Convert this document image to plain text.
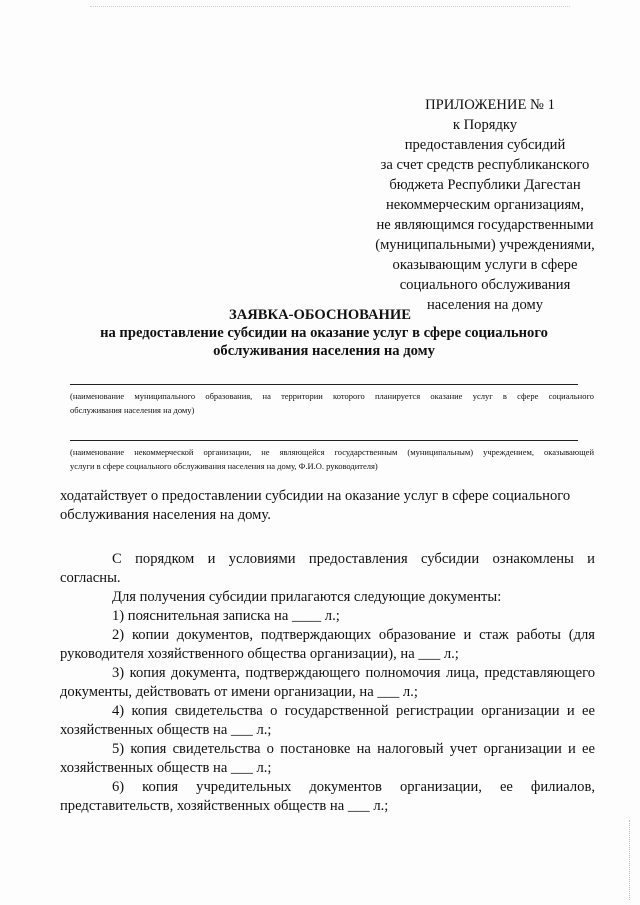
ПРИЛОЖЕНИЕ № 1
к Порядку
предоставления субсидий
за счет средств республиканского
бюджета Республики Дагестан
некоммерческим организациям,
не являющимся государственными
(муниципальными) учреждениями,
оказывающим услуги в сфере
социального обслуживания
населения на дому
ЗАЯВКА-ОБОСНОВАНИЕ
на предоставление субсидии на оказание услуг в сфере социального
обслуживания населения на дому
(наименование муниципального образования, на территории которого планируется оказание услуг в сфере социального
обслуживания населения на дому)
(наименование некоммерческой организации, не являющейся государственным (муниципальным) учреждением, оказывающей
услуги в сфере социального обслуживания населения на дому, Ф.И.О. руководителя)
ходатайствует о предоставлении субсидии на оказание услуг в сфере социального
обслуживания населения на дому.
С порядком и условиями предоставления субсидии ознакомлены и
согласны.
Для получения субсидии прилагаются следующие документы:
1) пояснительная записка на ____ л.;
2) копии документов, подтверждающих образование и стаж работы (для
руководителя хозяйственного общества организации), на ___ л.;
3) копия документа, подтверждающего полномочия лица, представляющего
документы, действовать от имени организации, на ___ л.;
4) копия свидетельства о государственной регистрации организации и ее
хозяйственных обществ на ___ л.;
5) копия свидетельства о постановке на налоговый учет организации и ее
хозяйственных обществ на ___ л.;
6) копия учредительных документов организации, ее филиалов,
представительств, хозяйственных обществ на ___ л.;
